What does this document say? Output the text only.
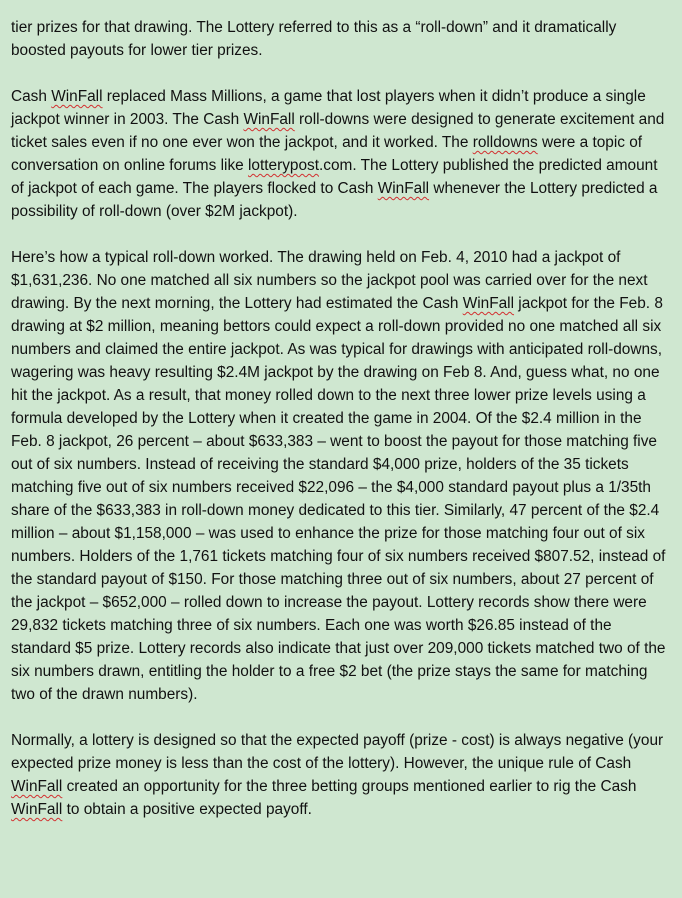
tier prizes for that drawing. The Lottery referred to this as a “roll-down” and it dramatically boosted payouts for lower tier prizes.

Cash WinFall replaced Mass Millions, a game that lost players when it didn’t produce a single jackpot winner in 2003. The Cash WinFall roll-downs were designed to generate excitement and ticket sales even if no one ever won the jackpot, and it worked. The rolldowns were a topic of conversation on online forums like lotterypost.com. The Lottery published the predicted amount of jackpot of each game. The players flocked to Cash WinFall whenever the Lottery predicted a possibility of roll-down (over $2M jackpot).

Here’s how a typical roll-down worked. The drawing held on Feb. 4, 2010 had a jackpot of $1,631,236. No one matched all six numbers so the jackpot pool was carried over for the next drawing. By the next morning, the Lottery had estimated the Cash WinFall jackpot for the Feb. 8 drawing at $2 million, meaning bettors could expect a roll-down provided no one matched all six numbers and claimed the entire jackpot. As was typical for drawings with anticipated roll-downs, wagering was heavy resulting $2.4M jackpot by the drawing on Feb 8. And, guess what, no one hit the jackpot. As a result, that money rolled down to the next three lower prize levels using a formula developed by the Lottery when it created the game in 2004. Of the $2.4 million in the Feb. 8 jackpot, 26 percent – about $633,383 – went to boost the payout for those matching five out of six numbers. Instead of receiving the standard $4,000 prize, holders of the 35 tickets matching five out of six numbers received $22,096 – the $4,000 standard payout plus a 1/35th share of the $633,383 in roll-down money dedicated to this tier. Similarly, 47 percent of the $2.4 million – about $1,158,000 – was used to enhance the prize for those matching four out of six numbers. Holders of the 1,761 tickets matching four of six numbers received $807.52, instead of the standard payout of $150. For those matching three out of six numbers, about 27 percent of the jackpot – $652,000 – rolled down to increase the payout. Lottery records show there were 29,832 tickets matching three of six numbers. Each one was worth $26.85 instead of the standard $5 prize. Lottery records also indicate that just over 209,000 tickets matched two of the six numbers drawn, entitling the holder to a free $2 bet (the prize stays the same for matching two of the drawn numbers).

Normally, a lottery is designed so that the expected payoff (prize - cost) is always negative (your expected prize money is less than the cost of the lottery). However, the unique rule of Cash WinFall created an opportunity for the three betting groups mentioned earlier to rig the Cash WinFall to obtain a positive expected payoff.
